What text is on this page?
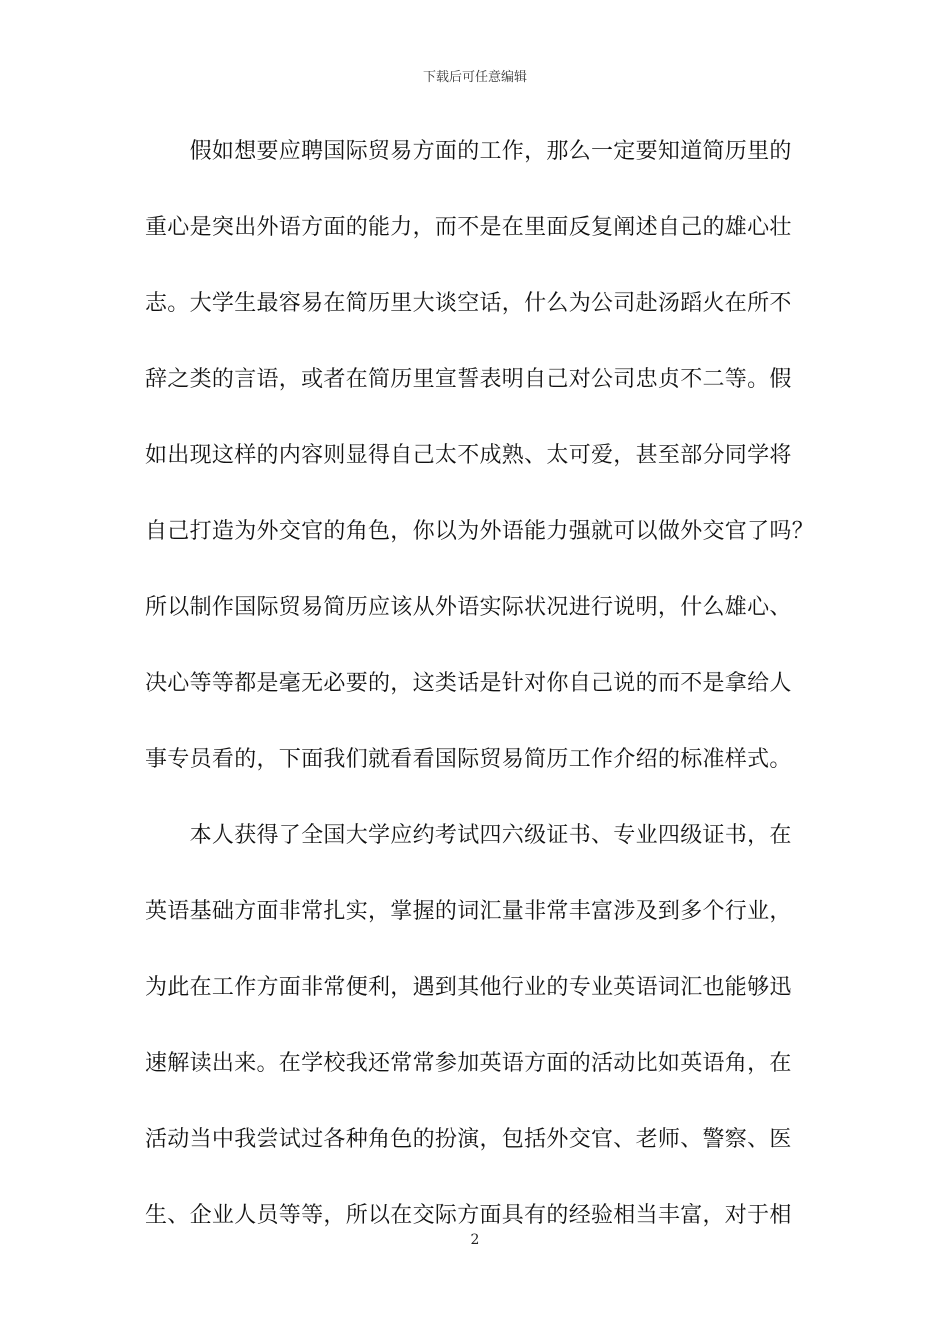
下载后可任意编辑
　　假如想要应聘国际贸易方面的工作，那么一定要知道简历里的
重心是突出外语方面的能力，而不是在里面反复阐述自己的雄心壮
志。大学生最容易在简历里大谈空话，什么为公司赴汤蹈火在所不
辞之类的言语，或者在简历里宣誓表明自己对公司忠贞不二等。假
如出现这样的内容则显得自己太不成熟、太可爱，甚至部分同学将
自己打造为外交官的角色，你以为外语能力强就可以做外交官了吗？
所以制作国际贸易简历应该从外语实际状况进行说明，什么雄心、
决心等等都是毫无必要的，这类话是针对你自己说的而不是拿给人
事专员看的，下面我们就看看国际贸易简历工作介绍的标准样式。
　　本人获得了全国大学应约考试四六级证书、专业四级证书，在
英语基础方面非常扎实，掌握的词汇量非常丰富涉及到多个行业，
为此在工作方面非常便利，遇到其他行业的专业英语词汇也能够迅
速解读出来。在学校我还常常参加英语方面的活动比如英语角，在
活动当中我尝试过各种角色的扮演，包括外交官、老师、警察、医
生、企业人员等等，所以在交际方面具有的经验相当丰富，对于相
2
